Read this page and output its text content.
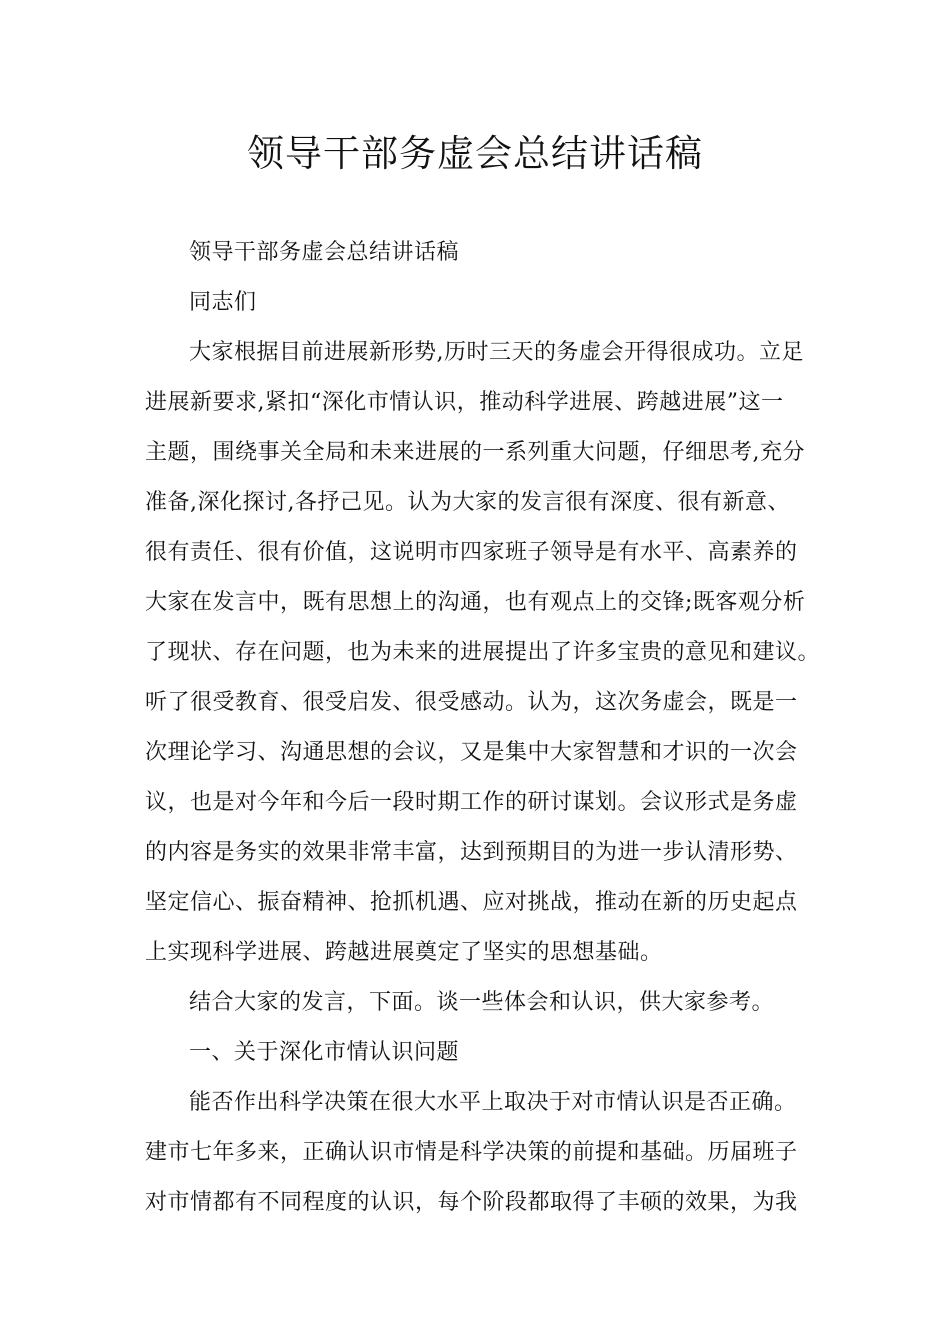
领导干部务虚会总结讲话稿
领导干部务虚会总结讲话稿
同志们
大家根据目前进展新形势,历时三天的务虚会开得很成功。立足
进展新要求,紧扣“深化市情认识，推动科学进展、跨越进展”这一
主题，围绕事关全局和未来进展的一系列重大问题，仔细思考,充分
准备,深化探讨,各抒己见。认为大家的发言很有深度、很有新意、
很有责任、很有价值，这说明市四家班子领导是有水平、高素养的
大家在发言中，既有思想上的沟通，也有观点上的交锋;既客观分析
了现状、存在问题，也为未来的进展提出了许多宝贵的意见和建议。
听了很受教育、很受启发、很受感动。认为，这次务虚会，既是一
次理论学习、沟通思想的会议，又是集中大家智慧和才识的一次会
议，也是对今年和今后一段时期工作的研讨谋划。会议形式是务虚
的内容是务实的效果非常丰富，达到预期目的为进一步认清形势、
坚定信心、振奋精神、抢抓机遇、应对挑战，推动在新的历史起点
上实现科学进展、跨越进展奠定了坚实的思想基础。
结合大家的发言，下面。谈一些体会和认识，供大家参考。
一、关于深化市情认识问题
能否作出科学决策在很大水平上取决于对市情认识是否正确。
建市七年多来，正确认识市情是科学决策的前提和基础。历届班子
对市情都有不同程度的认识，每个阶段都取得了丰硕的效果，为我
